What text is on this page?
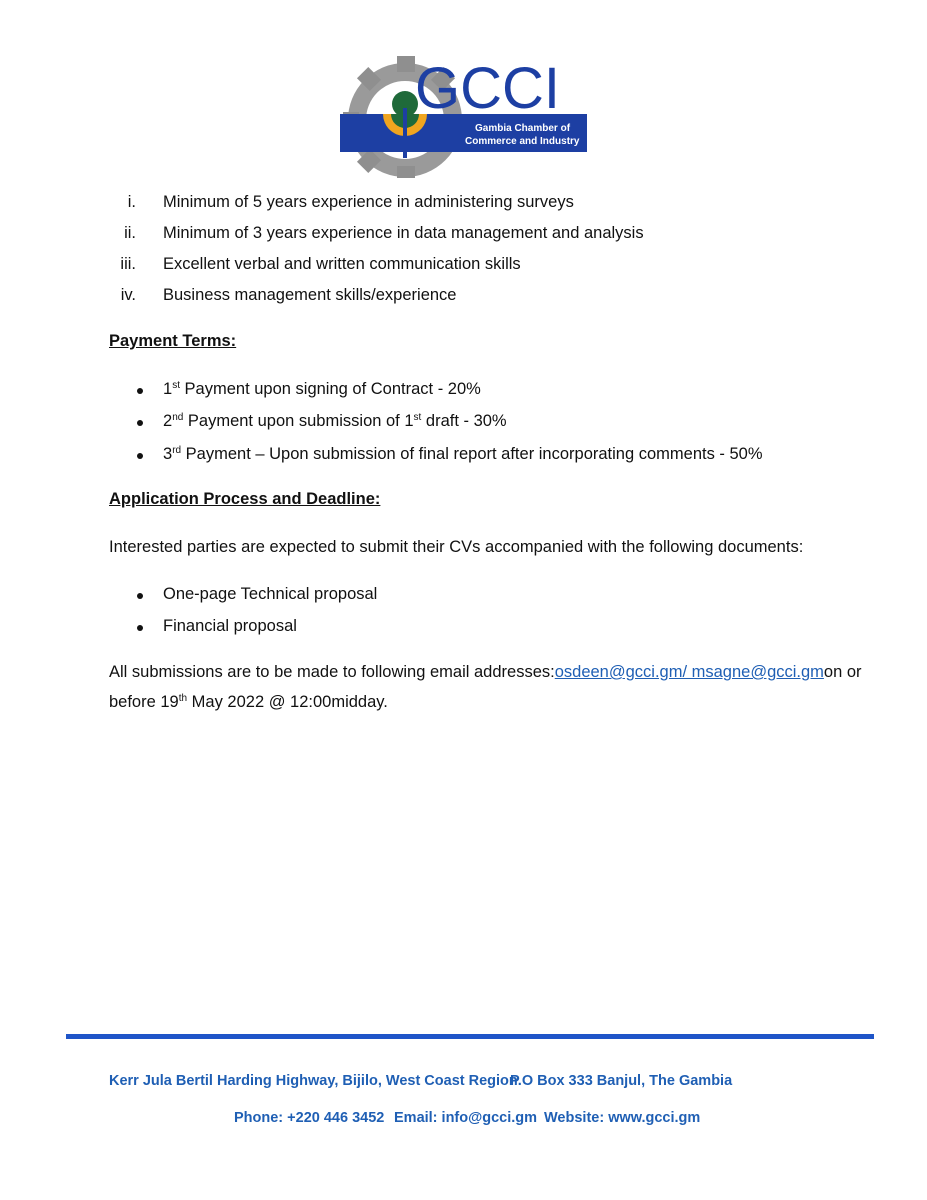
GCCI
Gambia Chamber of
Commerce and Industry
i. Minimum of 5 years experience in administering surveys
ii. Minimum of 3 years experience in data management and analysis
iii. Excellent verbal and written communication skills
iv. Business management skills/experience
Payment Terms:
1st Payment upon signing of Contract - 20%
2nd Payment upon submission of 1st draft - 30%
3rd Payment – Upon submission of final report after incorporating comments - 50%
Application Process and Deadline:
Interested parties are expected to submit their CVs accompanied with the following documents:
One-page Technical proposal
Financial proposal
All submissions are to be made to following email addresses: osdeen@gcci.gm/ msagne@gcci.gm on or
before 19th May 2022 @ 12:00midday.
Kerr Jula Bertil Harding Highway, Bijilo, West Coast Region
P.O Box 333 Banjul, The Gambia
Phone: +220 446 3452 Email: info@gcci.gm Website: www.gcci.gm
